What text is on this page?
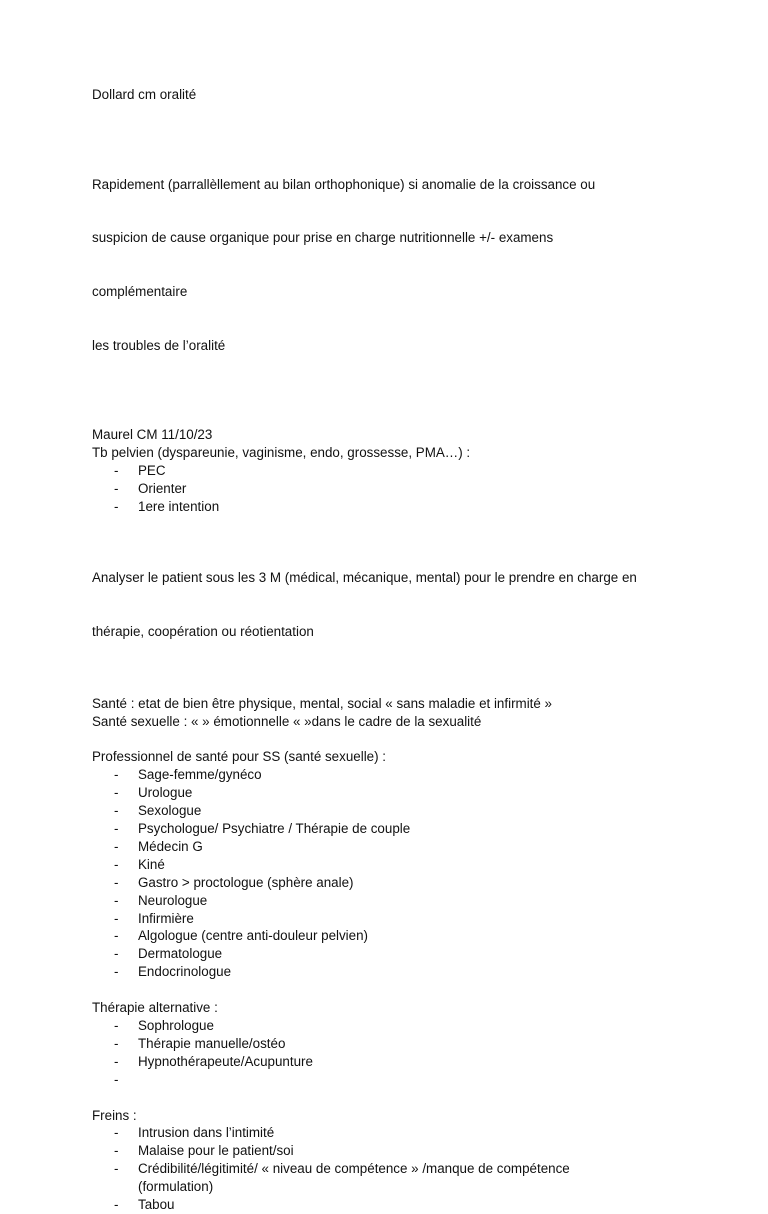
Dollard cm oralité

Rapidement (parrallèllement au bilan orthophonique) si anomalie de la croissance ou

suspicion de cause organique pour prise en charge nutritionnelle +/- examens

complémentaire

les troubles de l’oralité

Maurel CM 11/10/23
Tb pelvien (dyspareunie, vaginisme, endo, grossesse, PMA…) :
- PEC
- Orienter
- 1ere intention

Analyser le patient sous les 3 M (médical, mécanique, mental) pour le prendre en charge en

thérapie, coopération ou réotientation

Santé : etat de bien être physique, mental, social « sans maladie et infirmité »
Santé sexuelle : « » émotionnelle « »dans le cadre de la sexualité
Professionnel de santé pour SS (santé sexuelle) :
- Sage-femme/gynéco
- Urologue
- Sexologue
- Psychologue/ Psychiatre / Thérapie de couple
- Médecin G
- Kiné
- Gastro > proctologue (sphère anale)
- Neurologue
- Infirmière
- Algologue (centre anti-douleur pelvien)
- Dermatologue
- Endocrinologue
Thérapie alternative :
- Sophrologue
- Thérapie manuelle/ostéo
- Hypnothérapeute/Acupunture
-
Freins :
- Intrusion dans l’intimité
- Malaise pour le patient/soi
- Crédibilité/légitimité/ « niveau de compétence » /manque de compétence
(formulation)
- Tabou
